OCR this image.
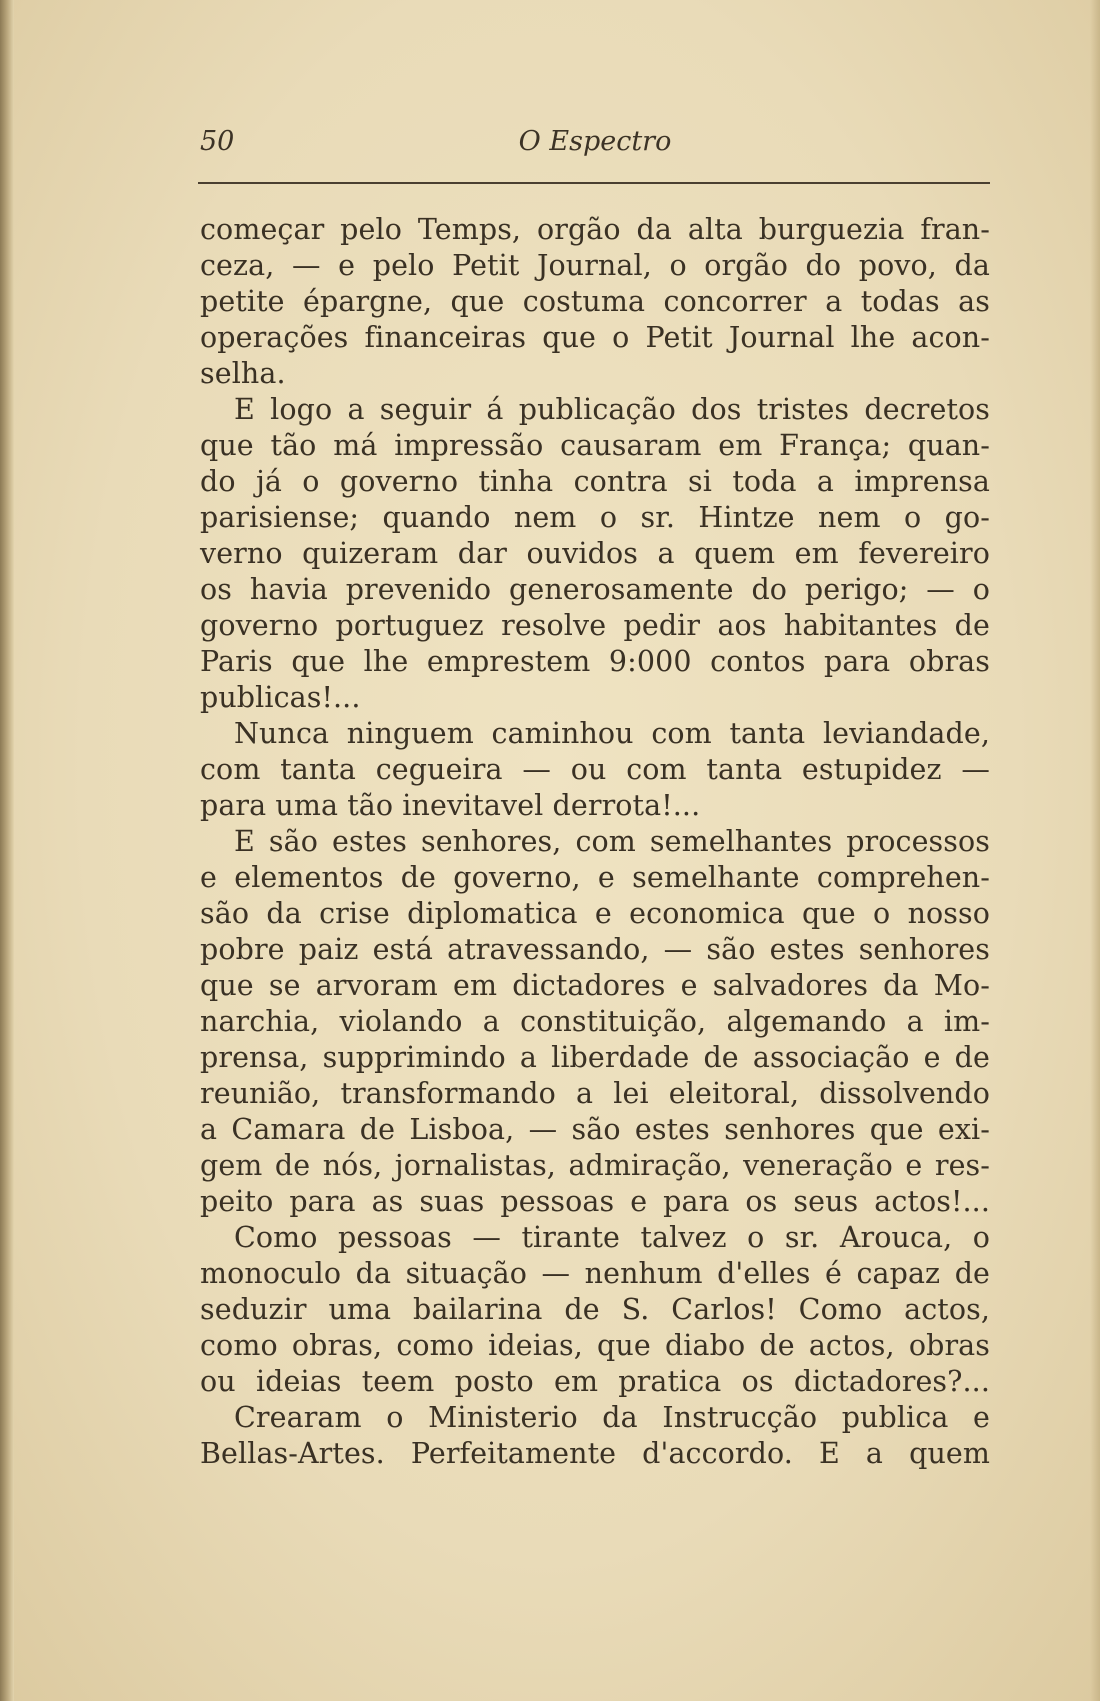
50	O Espectro
começar pelo Temps, orgão da alta burguezia fran-
ceza, — e pelo Petit Journal, o orgão do povo, da
petite épargne, que costuma concorrer a todas as
operações financeiras que o Petit Journal lhe acon-
selha.
E logo a seguir á publicação dos tristes decretos
que tão má impressão causaram em França; quan-
do já o governo tinha contra si toda a imprensa
parisiense; quando nem o sr. Hintze nem o go-
verno quizeram dar ouvidos a quem em fevereiro
os havia prevenido generosamente do perigo; — o
governo portuguez resolve pedir aos habitantes de
Paris que lhe emprestem 9:000 contos para obras
publicas!...
Nunca ninguem caminhou com tanta leviandade,
com tanta cegueira — ou com tanta estupidez —
para uma tão inevitavel derrota!...
E são estes senhores, com semelhantes processos
e elementos de governo, e semelhante comprehen-
são da crise diplomatica e economica que o nosso
pobre paiz está atravessando, — são estes senhores
que se arvoram em dictadores e salvadores da Mo-
narchia, violando a constituição, algemando a im-
prensa, supprimindo a liberdade de associação e de
reunião, transformando a lei eleitoral, dissolvendo
a Camara de Lisboa, — são estes senhores que exi-
gem de nós, jornalistas, admiração, veneração e res-
peito para as suas pessoas e para os seus actos!...
Como pessoas — tirante talvez o sr. Arouca, o
monoculo da situação — nenhum d'elles é capaz de
seduzir uma bailarina de S. Carlos! Como actos,
como obras, como ideias, que diabo de actos, obras
ou ideias teem posto em pratica os dictadores?...
Crearam o Ministerio da Instrucção publica e
Bellas-Artes. Perfeitamente d'accordo. E a quem
